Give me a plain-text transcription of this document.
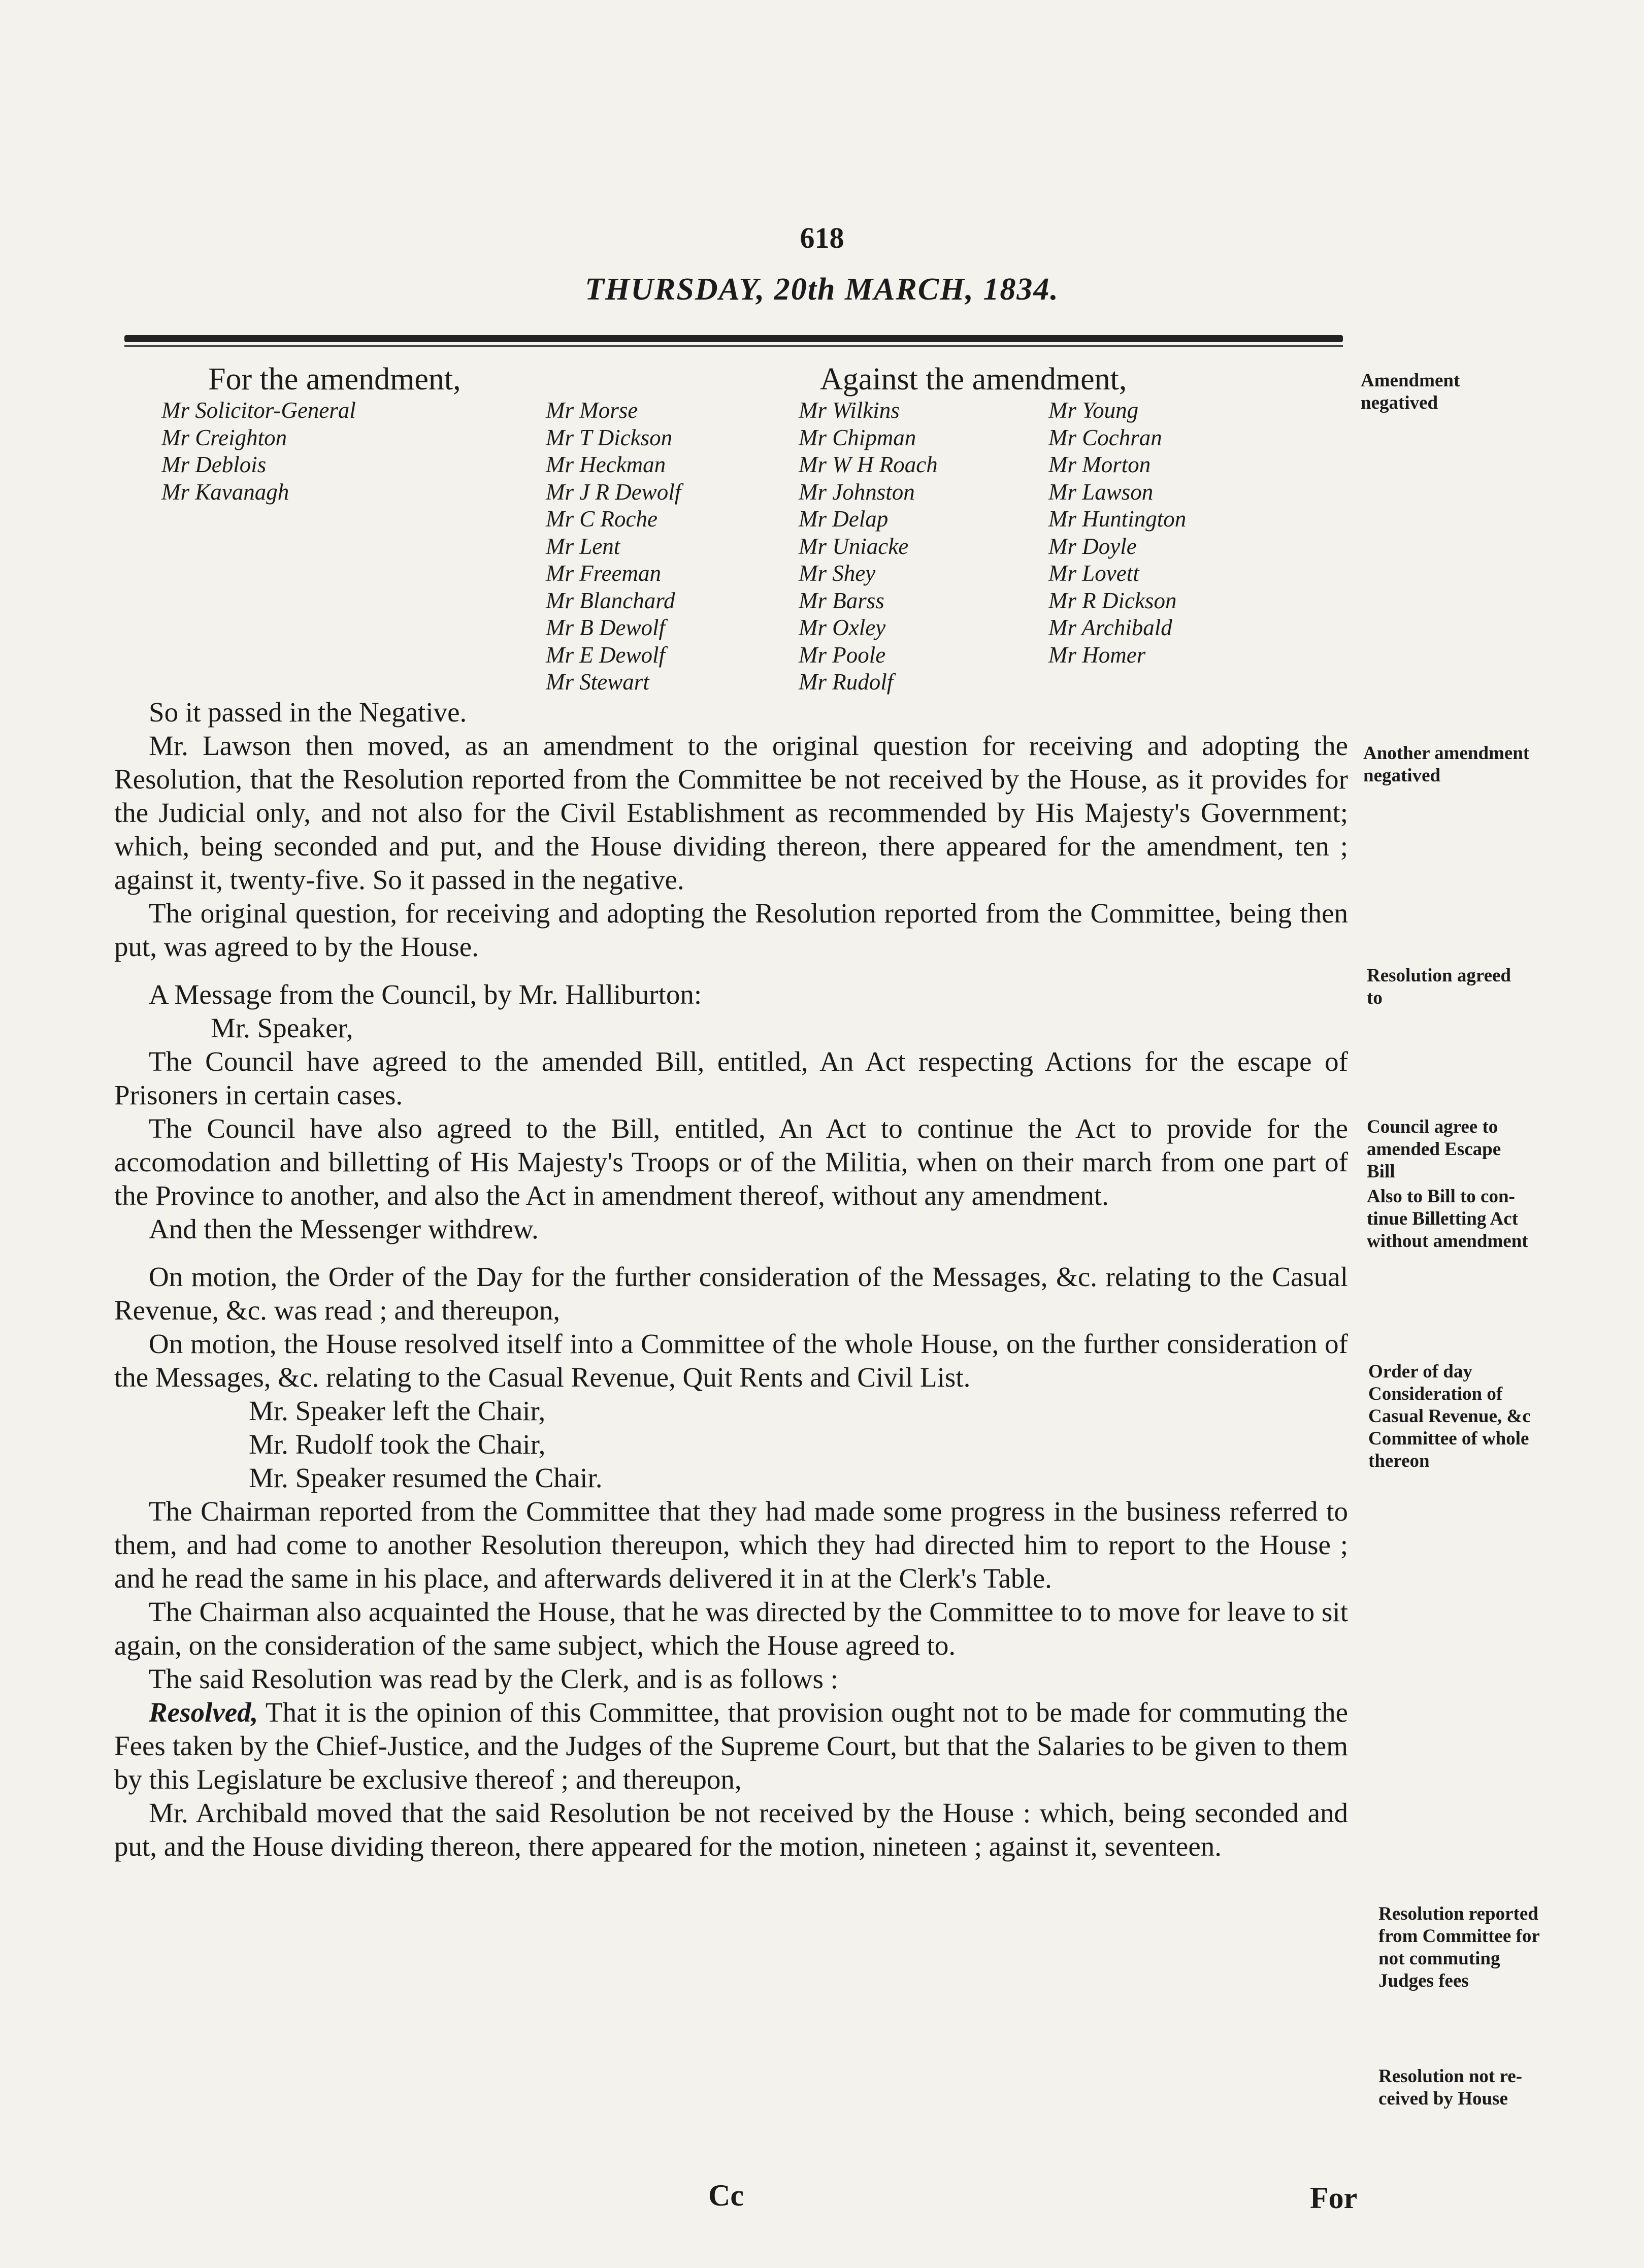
618
THURSDAY, 20th MARCH, 1834.
For the amendment,	Against the amendment,
Mr Solicitor-General
Mr Creighton
Mr Deblois
Mr Kavanagh
Mr Morse
Mr T Dickson
Mr Heckman
Mr J R Dewolf
Mr C Roche
Mr Lent
Mr Freeman
Mr Blanchard
Mr B Dewolf
Mr E Dewolf
Mr Stewart
Mr Wilkins
Mr Chipman
Mr W H Roach
Mr Johnston
Mr Delap
Mr Uniacke
Mr Shey
Mr Barss
Mr Oxley
Mr Poole
Mr Rudolf
Mr Young
Mr Cochran
Mr Morton
Mr Lawson
Mr Huntington
Mr Doyle
Mr Lovett
Mr R Dickson
Mr Archibald
Mr Homer
Amendment
negatived
Another amendment
negatived
Resolution agreed
to
Council agree to
amended Escape
Bill
Also to Bill to con-
tinue Billetting Act
without amendment
Order of day
Consideration of
Casual Revenue, &c
Committee of whole
thereon
Resolution reported
from Committee for
not commuting
Judges fees
Resolution not re-
ceived by House

So it passed in the Negative.

Mr. Lawson then moved, as an amendment to the original question for receiving and adopting the Resolution, that the Resolution reported from the Committee be not received by the House, as it provides for the Judicial only, and not also for the Civil Establishment as recommended by His Majesty's Government; which, being seconded and put, and the House dividing thereon, there appeared for the amendment, ten ; against it, twenty-five. So it passed in the negative.

The original question, for receiving and adopting the Resolution reported from the Committee, being then put, was agreed to by the House.

A Message from the Council, by Mr. Halliburton:

Mr. Speaker,

The Council have agreed to the amended Bill, entitled, An Act respecting Actions for the escape of Prisoners in certain cases.

The Council have also agreed to the Bill, entitled, An Act to continue the Act to provide for the accomodation and billetting of His Majesty's Troops or of the Militia, when on their march from one part of the Province to another, and also the Act in amendment thereof, without any amendment.

And then the Messenger withdrew.

On motion, the Order of the Day for the further consideration of the Messages, &c. relating to the Casual Revenue, &c. was read ; and thereupon,

On motion, the House resolved itself into a Committee of the whole House, on the further consideration of the Messages, &c. relating to the Casual Revenue, Quit Rents and Civil List.

Mr. Speaker left the Chair,

Mr. Rudolf took the Chair,

Mr. Speaker resumed the Chair.

The Chairman reported from the Committee that they had made some progress in the business referred to them, and had come to another Resolution thereupon, which they had directed him to report to the House ; and he read the same in his place, and afterwards delivered it in at the Clerk's Table.

The Chairman also acquainted the House, that he was directed by the Committee to to move for leave to sit again, on the consideration of the same subject, which the House agreed to.

The said Resolution was read by the Clerk, and is as follows :

Resolved, That it is the opinion of this Committee, that provision ought not to be made for commuting the Fees taken by the Chief-Justice, and the Judges of the Supreme Court, but that the Salaries to be given to them by this Legislature be exclusive thereof ; and thereupon,

Mr. Archibald moved that the said Resolution be not received by the House : which, being seconded and put, and the House dividing thereon, there appeared for the motion, nineteen ; against it, seventeen.

Cc	For
